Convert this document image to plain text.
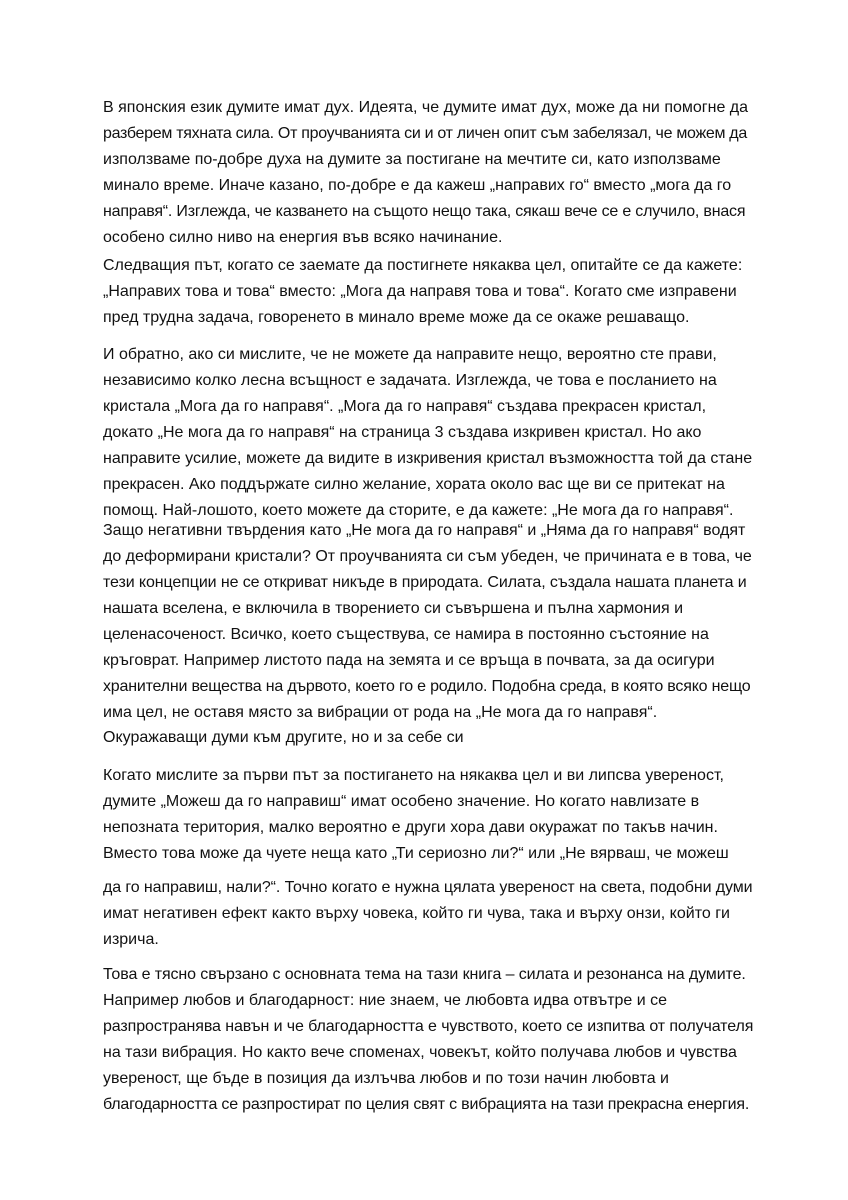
В японския език думите имат дух. Идеята, че думите имат дух, може да ни помогне да
разберем тяхната сила. От проучванията си и от личен опит съм забелязал, че можем да
използваме по-добре духа на думите за постигане на мечтите си, като използваме
минало време. Иначе казано, по-добре е да кажеш „направих го“ вместо „мога да го
направя“. Изглежда, че казването на същото нещо така, сякаш вече се е случило, внася
особено силно ниво на енергия във всяко начинание.
Следващия път, когато се заемате да постигнете някаква цел, опитайте се да кажете:
„Направих това и това“ вместо: „Мога да направя това и това“. Когато сме изправени
пред трудна задача, говоренето в минало време може да се окаже решаващо.
И обратно, ако си мислите, че не можете да направите нещо, вероятно сте прави,
независимо колко лесна всъщност е задачата. Изглежда, че това е посланието на
кристала „Мога да го направя“. „Мога да го направя“ създава прекрасен кристал,
докато „Не мога да го направя“ на страница 3 създава изкривен кристал. Но ако
направите усилие, можете да видите в изкривения кристал възможността той да стане
прекрасен. Ако поддържате силно желание, хората около вас ще ви се притекат на
помощ. Най-лошото, което можете да сторите, е да кажете: „Не мога да го направя“.
Защо негативни твърдения като „Не мога да го направя“ и „Няма да го направя“ водят
до деформирани кристали? От проучванията си съм убеден, че причината е в това, че
тези концепции не се откриват никъде в природата. Силата, създала нашата планета и
нашата вселена, е включила в творението си съвършена и пълна хармония и
целенасоченост. Всичко, което съществува, се намира в постоянно състояние на
кръговрат. Например листото пада на земята и се връща в почвата, за да осигури
хранителни вещества на дървото, което го е родило. Подобна среда, в която всяко нещо
има цел, не оставя място за вибрации от рода на „Не мога да го направя“.
Окуражаващи думи към другите, но и за себе си
Когато мислите за първи път за постигането на някаква цел и ви липсва увереност,
думите „Можеш да го направиш“ имат особено значение. Но когато навлизате в
непозната територия, малко вероятно е други хора дави окуражат по такъв начин.
Вместо това може да чуете неща като „Ти сериозно ли?“ или „Не вярваш, че можеш
да го направиш, нали?“. Точно когато е нужна цялата увереност на света, подобни думи
имат негативен ефект както върху човека, който ги чува, така и върху онзи, който ги
изрича.
Това е тясно свързано с основната тема на тази книга – силата и резонанса на думите.
Например любов и благодарност: ние знаем, че любовта идва отвътре и се
разпространява навън и че благодарността е чувството, което се изпитва от получателя
на тази вибрация. Но както вече споменах, човекът, който получава любов и чувства
увереност, ще бъде в позиция да излъчва любов и по този начин любовта и
благодарността се разпростират по целия свят с вибрацията на тази прекрасна енергия.
